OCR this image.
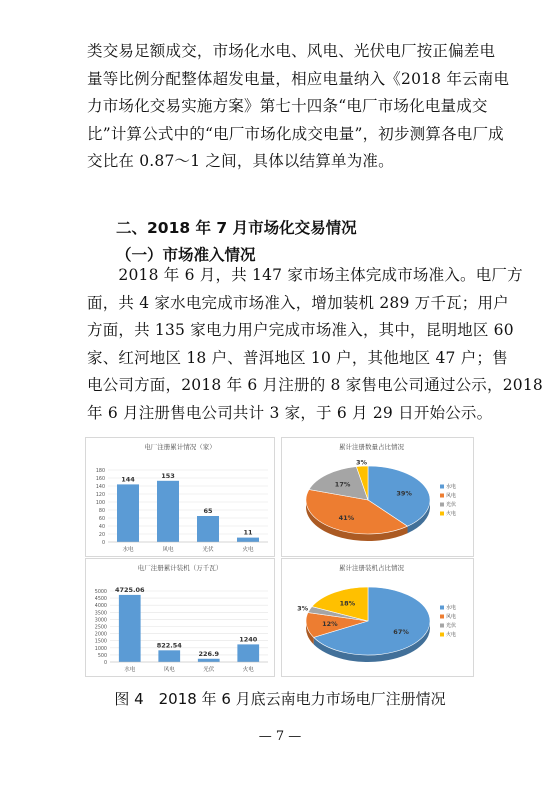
类交易足额成交，市场化水电、风电、光伏电厂按正偏差电
量等比例分配整体超发电量，相应电量纳入《2018 年云南电
力市场化交易实施方案》第七十四条“电厂市场化电量成交
比”计算公式中的“电厂市场化成交电量”，初步测算各电厂成
交比在 0.87～1 之间，具体以结算单为准。
二、2018 年 7 月市场化交易情况
（一）市场准入情况
　　2018 年 6 月，共 147 家市场主体完成市场准入。电厂方
面，共 4 家水电完成市场准入，增加装机 289 万千瓦；用户
方面，共 135 家电力用户完成市场准入，其中，昆明地区 60
家、红河地区 18 户、普洱地区 10 户，其他地区 47 户；售
电公司方面，2018 年 6 月注册的 8 家售电公司通过公示，2018
年 6 月注册售电公司共计 3 家，于 6 月 29 日开始公示。
电厂注册累计情况（家）
0
20
40
60
80
100
120
140
160
180
144
水电
153
风电
65
光伏
11
火电
累计注册数量占比情况
39%
41%
17%
3%
水电
风电
光伏
火电
电厂注册累计装机（万千瓦）
0
500
1000
1500
2000
2500
3000
3500
4000
4500
5000 4725.06
水电
822.54
风电
226.9
光伏
1240
火电
累计注册装机占比情况
67%
12%
3%
18%
水电
风电
光伏
火电
图 4　2018 年 6 月底云南电力市场电厂注册情况
— 7 —
